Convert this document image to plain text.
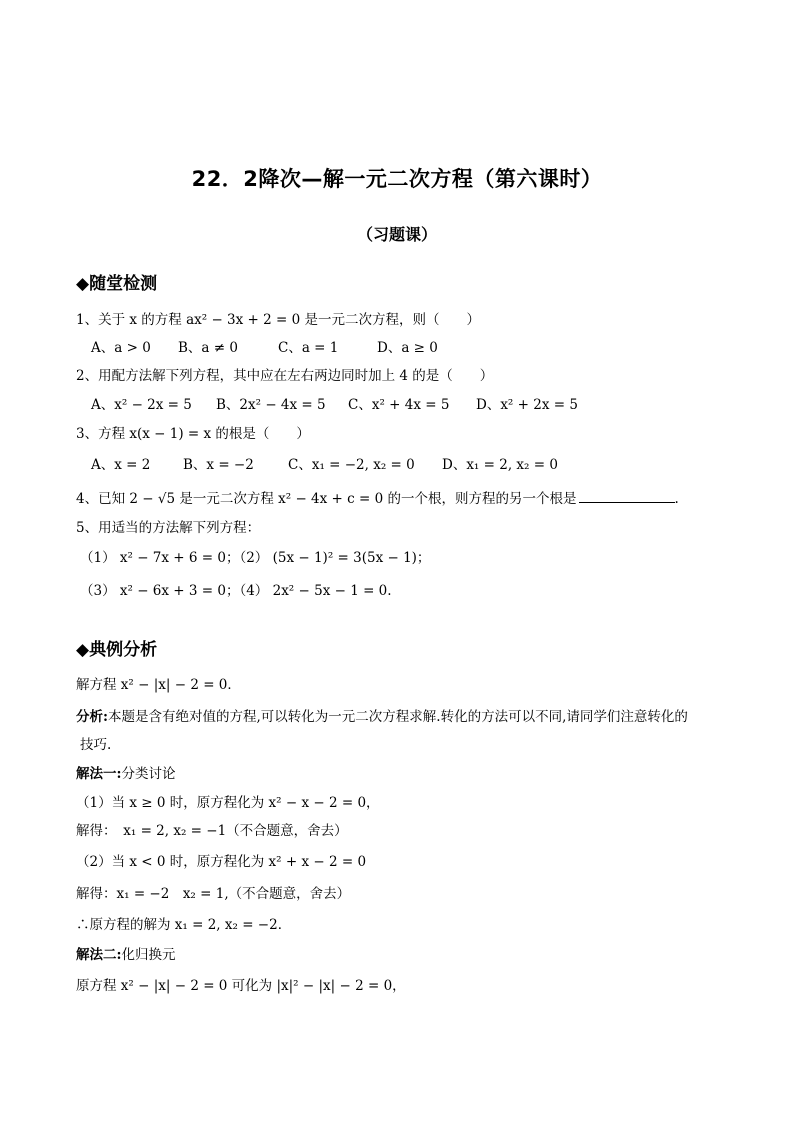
22．2降次—解一元二次方程（第六课时）
（习题课）
◆随堂检测
1、关于 x 的方程 ax² − 3x + 2 = 0 是一元二次方程，则（　　）
A、a > 0 B、a ≠ 0	C、a = 1	D、a ≥ 0
2、用配方法解下列方程，其中应在左右两边同时加上 4 的是（　　）
A、x² − 2x = 5 B、2x² − 4x = 5 C、x² + 4x = 5 D、x² + 2x = 5
3、方程 x(x − 1) = x 的根是（　　）
A、x = 2 B、x = −2	C、x₁ = −2, x₂ = 0 D、x₁ = 2, x₂ = 0
4、已知 2 − √5 是一元二次方程 x² − 4x + c = 0 的一个根，则方程的另一个根是	.
5、用适当的方法解下列方程：
（1） x² − 7x + 6 = 0；（2） (5x − 1)² = 3(5x − 1)；
（3） x² − 6x + 3 = 0；（4） 2x² − 5x − 1 = 0.
◆典例分析
解方程 x² − |x| − 2 = 0．
分析:本题是含有绝对值的方程,可以转化为一元二次方程求解.转化的方法可以不同,请同学们注意转化的
技巧.
解法一:分类讨论
（1）当 x ≥ 0 时，原方程化为 x² − x − 2 = 0，
解得：　x₁ = 2, x₂ = −1（不合题意，舍去）
（2）当 x < 0 时，原方程化为 x² + x − 2 = 0
解得：x₁ = −2　x₂ = 1,（不合题意，舍去）
∴原方程的解为 x₁ = 2, x₂ = −2．
解法二:化归换元
原方程 x² − |x| − 2 = 0 可化为 |x|² − |x| − 2 = 0，
